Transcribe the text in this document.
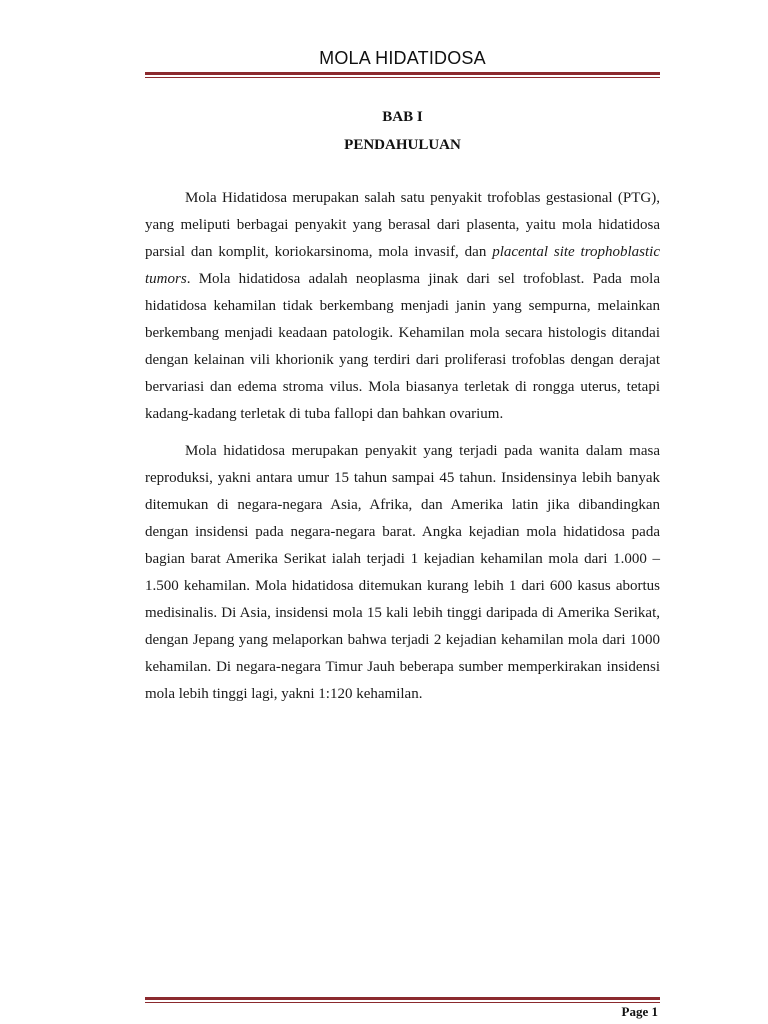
MOLA HIDATIDOSA
BAB I
PENDAHULUAN

Mola Hidatidosa merupakan salah satu penyakit trofoblas gestasional (PTG), yang meliputi berbagai penyakit yang berasal dari plasenta, yaitu mola hidatidosa parsial dan komplit, koriokarsinoma, mola invasif, dan placental site trophoblastic tumors. Mola hidatidosa adalah neoplasma jinak dari sel trofoblast. Pada mola hidatidosa kehamilan tidak berkembang menjadi janin yang sempurna, melainkan berkembang menjadi keadaan patologik. Kehamilan mola secara histologis ditandai dengan kelainan vili khorionik yang terdiri dari proliferasi trofoblas dengan derajat bervariasi dan edema stroma vilus. Mola biasanya terletak di rongga uterus, tetapi kadang-kadang terletak di tuba fallopi dan bahkan ovarium.

Mola hidatidosa merupakan penyakit yang terjadi pada wanita dalam masa reproduksi, yakni antara umur 15 tahun sampai 45 tahun. Insidensinya lebih banyak ditemukan di negara-negara Asia, Afrika, dan Amerika latin jika dibandingkan dengan insidensi pada negara-negara barat. Angka kejadian mola hidatidosa pada bagian barat Amerika Serikat ialah terjadi 1 kejadian kehamilan mola dari 1.000 – 1.500 kehamilan. Mola hidatidosa ditemukan kurang lebih 1 dari 600 kasus abortus medisinalis. Di Asia, insidensi mola 15 kali lebih tinggi daripada di Amerika Serikat, dengan Jepang yang melaporkan bahwa terjadi 2 kejadian kehamilan mola dari 1000 kehamilan. Di negara-negara Timur Jauh beberapa sumber memperkirakan insidensi mola lebih tinggi lagi, yakni 1:120 kehamilan.

Page 1
